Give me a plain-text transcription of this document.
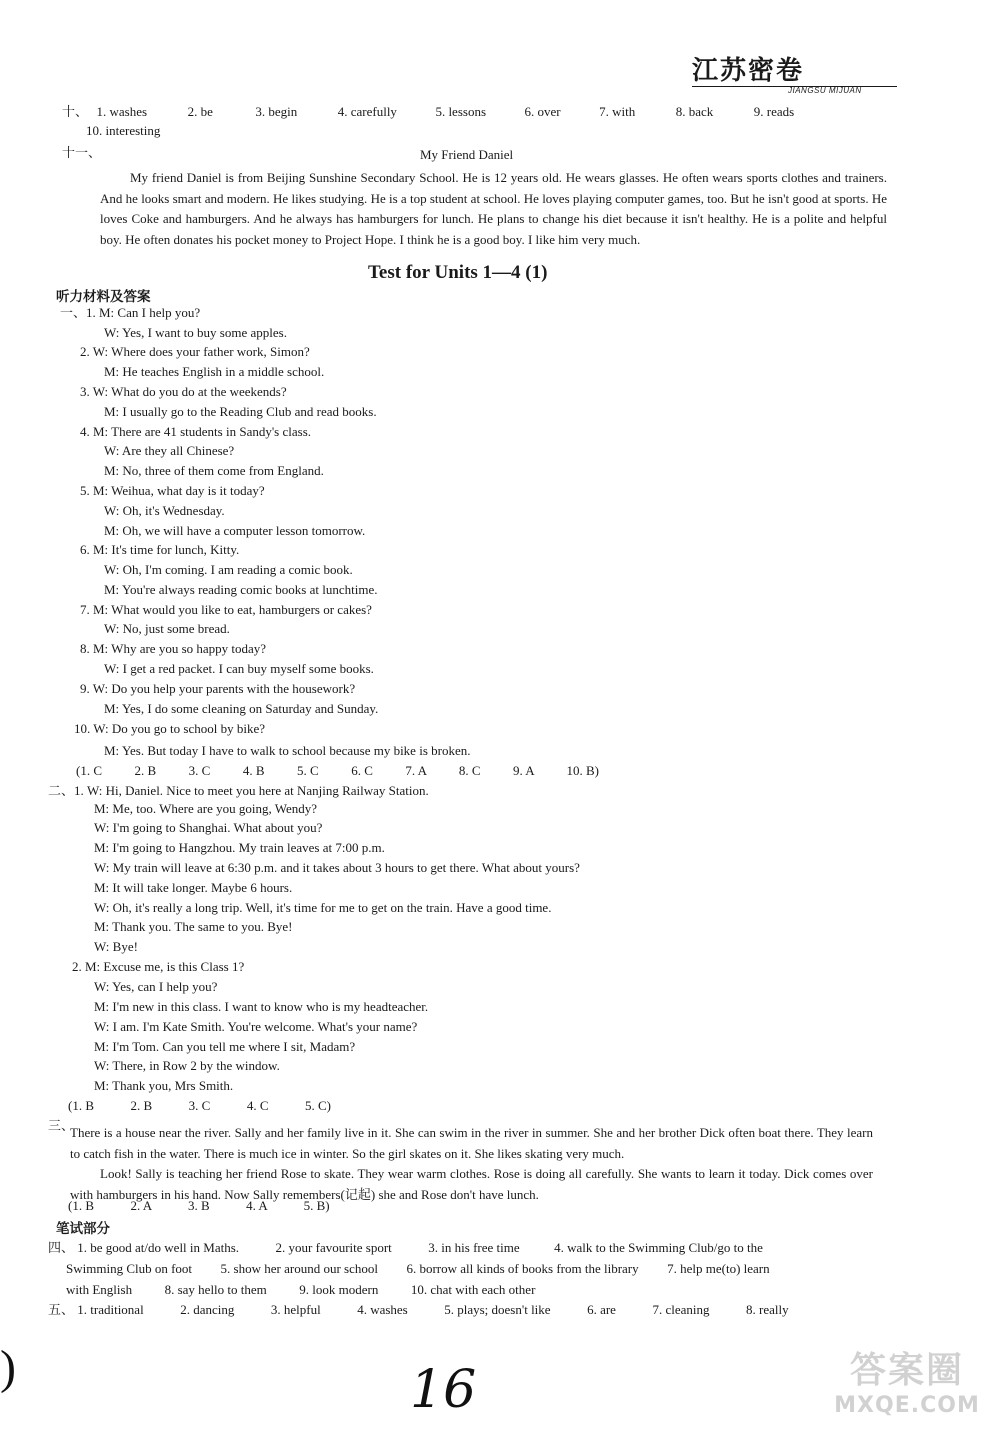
江苏密卷
JIANGSU MIJUAN
十、 1. washes	2. be	3. begin	4. carefully	5. lessons	6. over	7. with	8. back	9. reads
10. interesting
十一、	My Friend Daniel
My friend Daniel is from Beijing Sunshine Secondary School. He is 12 years old. He wears glasses. He often wears sports clothes and trainers. And he looks smart and modern. He likes studying. He is a top student at school. He loves playing computer games, too. But he isn't good at sports. He loves Coke and hamburgers. And he always has hamburgers for lunch. He plans to change his diet because it isn't healthy. He is a polite and helpful boy. He often donates his pocket money to Project Hope. I think he is a good boy. I like him very much.
Test for Units 1—4 (1)
听力材料及答案
一、1. M: Can I help you?
W: Yes, I want to buy some apples.
2. W: Where does your father work, Simon?
M: He teaches English in a middle school.
3. W: What do you do at the weekends?
M: I usually go to the Reading Club and read books.
4. M: There are 41 students in Sandy's class.
W: Are they all Chinese?
M: No, three of them come from England.
5. M: Weihua, what day is it today?
W: Oh, it's Wednesday.
M: Oh, we will have a computer lesson tomorrow.
6. M: It's time for lunch, Kitty.
W: Oh, I'm coming. I am reading a comic book.
M: You're always reading comic books at lunchtime.
7. M: What would you like to eat, hamburgers or cakes?
W: No, just some bread.
8. M: Why are you so happy today?
W: I get a red packet. I can buy myself some books.
9. W: Do you help your parents with the housework?
M: Yes, I do some cleaning on Saturday and Sunday.
10. W: Do you go to school by bike?
M: Yes. But today I have to walk to school because my bike is broken.
(1. C	2. B	3. C	4. B	5. C	6. C	7. A	8. C	9. A	10. B)
二、1. W: Hi, Daniel. Nice to meet you here at Nanjing Railway Station.
M: Me, too. Where are you going, Wendy?
W: I'm going to Shanghai. What about you?
M: I'm going to Hangzhou. My train leaves at 7:00 p.m.
W: My train will leave at 6:30 p.m. and it takes about 3 hours to get there. What about yours?
M: It will take longer. Maybe 6 hours.
W: Oh, it's really a long trip. Well, it's time for me to get on the train. Have a good time.
M: Thank you. The same to you. Bye!
W: Bye!
2. M: Excuse me, is this Class 1?
W: Yes, can I help you?
M: I'm new in this class. I want to know who is my headteacher.
W: I am. I'm Kate Smith. You're welcome. What's your name?
M: I'm Tom. Can you tell me where I sit, Madam?
W: There, in Row 2 by the window.
M: Thank you, Mrs Smith.
(1. B	2. B	3. C	4. C	5. C)
三、
There is a house near the river. Sally and her family live in it. She can swim in the river in summer. She and her brother Dick often boat there. They learn to catch fish in the water. There is much ice in winter. So the girl skates on it. She likes skating very much.
Look! Sally is teaching her friend Rose to skate. They wear warm clothes. Rose is doing all carefully. She wants to learn it today. Dick comes over with hamburgers in his hand. Now Sally remembers(记起) she and Rose don't have lunch.
(1. B	2. A	3. B	4. A	5. B)
笔试部分
四、 1. be good at/do well in Maths.	2. your favourite sport	3. in his free time	4. walk to the Swimming Club/go to the
Swimming Club on foot 5. show her around our school 6. borrow all kinds of books from the library 7. help me(to) learn
with English	8. say hello to them	9. look modern	10. chat with each other
五、 1. traditional	2. dancing	3. helpful	4. washes	5. plays; doesn't like	6. are	7. cleaning	8. really
)	16	答案圈
MXQE.COM
